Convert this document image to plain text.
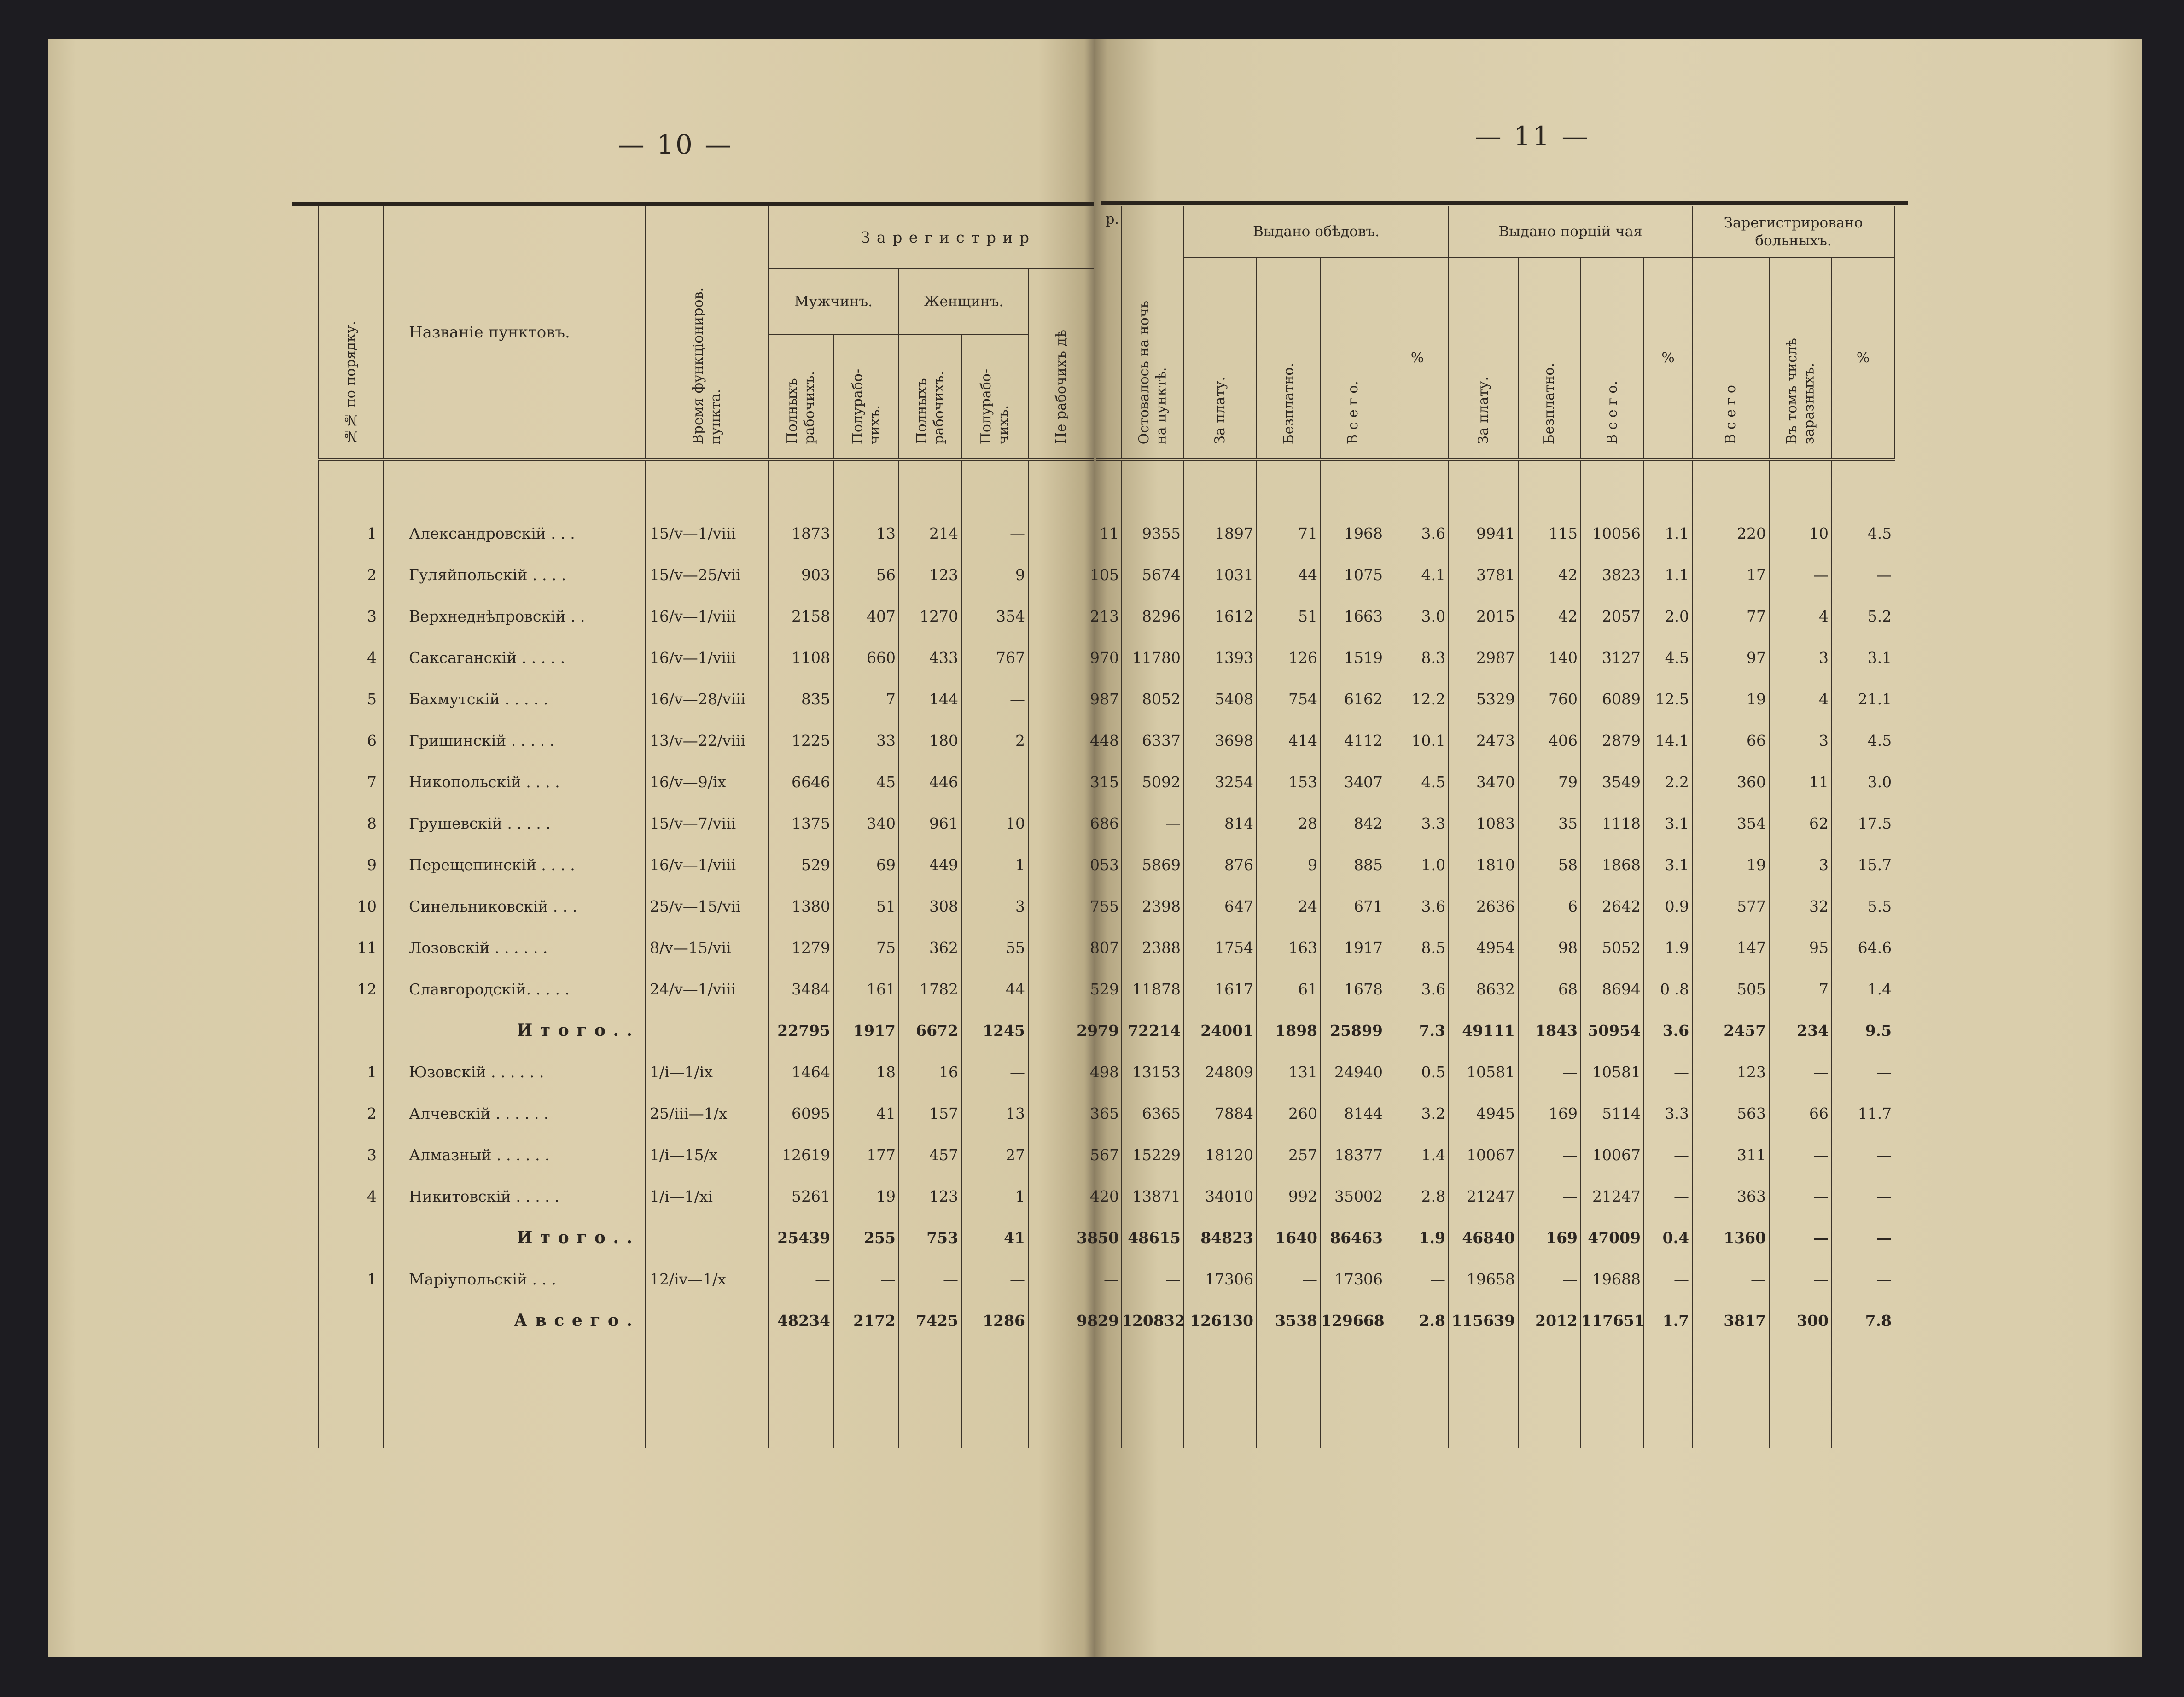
— 10 —	— 11 —
№№ по порядку.	Названіе пунктовъ.	Время функціониров.
пункта.	З а р е г и с т р и р				
			Мужчинъ.		Женщинъ.		Не рабочихъ дѣ
			Полныхъ
рабочихъ.	Полурабо-
чихъ.	Полныхъ
рабочихъ.	Полурабо-
чихъ.	

1	Александровскій . . .	15/v—1/viii	1873	13	214	—	
2	Гуляйпольскій . . . .	15/v—25/vii	903	56	123	9	
3	Верхнеднѣпровскій . .	16/v—1/viii	2158	407	1270	354	
4	Саксаганскій . . . . .	16/v—1/viii	1108	660	433	767	
5	Бахмутскій . . . . .	16/v—28/viii	835	7	144	—	
6	Гришинскій . . . . .	13/v—22/viii	1225	33	180	2	
7	Никопольскій . . . .	16/v—9/ix	6646	45	446		
8	Грушевскій . . . . .	15/v—7/viii	1375	340	961	10	
9	Перещепинскій . . . .	16/v—1/viii	529	69	449	1	
10	Синельниковскій . . .	25/v—15/vii	1380	51	308	3	
11	Лозовскій . . . . . .	8/v—15/vii	1279	75	362	55	
12	Славгородскій. . . . .	24/v—1/viii	3484	161	1782	44	
	И т о г о . .		22795	1917	6672	1245	
1	Юзовскій . . . . . .	1/i—1/ix	1464	18	16	—	
2	Алчевскій . . . . . .	25/iii—1/x	6095	41	157	13	
3	Алмазный . . . . . .	1/i—15/x	12619	177	457	27	
4	Никитовскій . . . . .	1/i—1/xi	5261	19	123	1	
	И т о г о . .		25439	255	753	41	
1	Маріупольскій . . .	12/iv—1/x	—	—	—	—	
	А в с е г о .		48234	2172	7425	1286	

р.	Остовалось на ночь
на пунктѣ.	Выдано обѣдовъ.				Выдано порцій чая				Зарегистрировано
больныхъ.		
		За плату.	Безплатно.	В с е г о.	%	За плату.	Безплатно.	В с е г о.	%	В с е г о	Въ томъ числѣ
заразныхъ.	%

11	9355	1897	71	1968	3.6	9941	115	10056	1.1	220	10	4.5
105	5674	1031	44	1075	4.1	3781	42	3823	1.1	17	—	—
213	8296	1612	51	1663	3.0	2015	42	2057	2.0	77	4	5.2
970	11780	1393	126	1519	8.3	2987	140	3127	4.5	97	3	3.1
987	8052	5408	754	6162	12.2	5329	760	6089	12.5	19	4	21.1
448	6337	3698	414	4112	10.1	2473	406	2879	14.1	66	3	4.5
315	5092	3254	153	3407	4.5	3470	79	3549	2.2	360	11	3.0
686	—	814	28	842	3.3	1083	35	1118	3.1	354	62	17.5
053	5869	876	9	885	1.0	1810	58	1868	3.1	19	3	15.7
755	2398	647	24	671	3.6	2636	6	2642	0.9	577	32	5.5
807	2388	1754	163	1917	8.5	4954	98	5052	1.9	147	95	64.6
529	11878	1617	61	1678	3.6	8632	68	8694	0 .8	505	7	1.4
2979	72214	24001	1898	25899	7.3	49111	1843	50954	3.6	2457	234	9.5
498	13153	24809	131	24940	0.5	10581	—	10581	—	123	—	—
365	6365	7884	260	8144	3.2	4945	169	5114	3.3	563	66	11.7
567	15229	18120	257	18377	1.4	10067	—	10067	—	311	—	—
420	13871	34010	992	35002	2.8	21247	—	21247	—	363	—	—
3850	48615	84823	1640	86463	1.9	46840	169	47009	0.4	1360	—	—
—	—	17306	—	17306	—	19658	—	19688	—	—	—	—
9829	120832	126130	3538	129668	2.8	115639	2012	117651	1.7	3817	300	7.8
